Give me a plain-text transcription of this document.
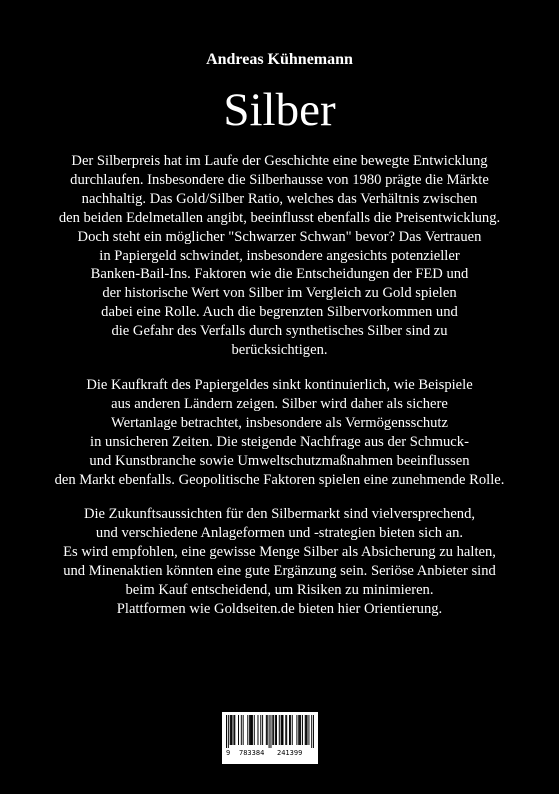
Andreas Kühnemann
Silber
Der Silberpreis hat im Laufe der Geschichte eine bewegte Entwicklung
durchlaufen. Insbesondere die Silberhausse von 1980 prägte die Märkte
nachhaltig. Das Gold/Silber Ratio, welches das Verhältnis zwischen
den beiden Edelmetallen angibt, beeinflusst ebenfalls die Preisentwicklung.
Doch steht ein möglicher "Schwarzer Schwan" bevor? Das Vertrauen
in Papiergeld schwindet, insbesondere angesichts potenzieller
Banken-Bail-Ins. Faktoren wie die Entscheidungen der FED und
der historische Wert von Silber im Vergleich zu Gold spielen
dabei eine Rolle. Auch die begrenzten Silbervorkommen und
die Gefahr des Verfalls durch synthetisches Silber sind zu
berücksichtigen.
Die Kaufkraft des Papiergeldes sinkt kontinuierlich, wie Beispiele
aus anderen Ländern zeigen. Silber wird daher als sichere
Wertanlage betrachtet, insbesondere als Vermögensschutz
in unsicheren Zeiten. Die steigende Nachfrage aus der Schmuck-
und Kunstbranche sowie Umweltschutzmaßnahmen beeinflussen
den Markt ebenfalls. Geopolitische Faktoren spielen eine zunehmende Rolle.
Die Zukunftsaussichten für den Silbermarkt sind vielversprechend,
und verschiedene Anlageformen und -strategien bieten sich an.
Es wird empfohlen, eine gewisse Menge Silber als Absicherung zu halten,
und Minenaktien könnten eine gute Ergänzung sein. Seriöse Anbieter sind
beim Kauf entscheidend, um Risiken zu minimieren.
Plattformen wie Goldseiten.de bieten hier Orientierung.
9 783384 241399
